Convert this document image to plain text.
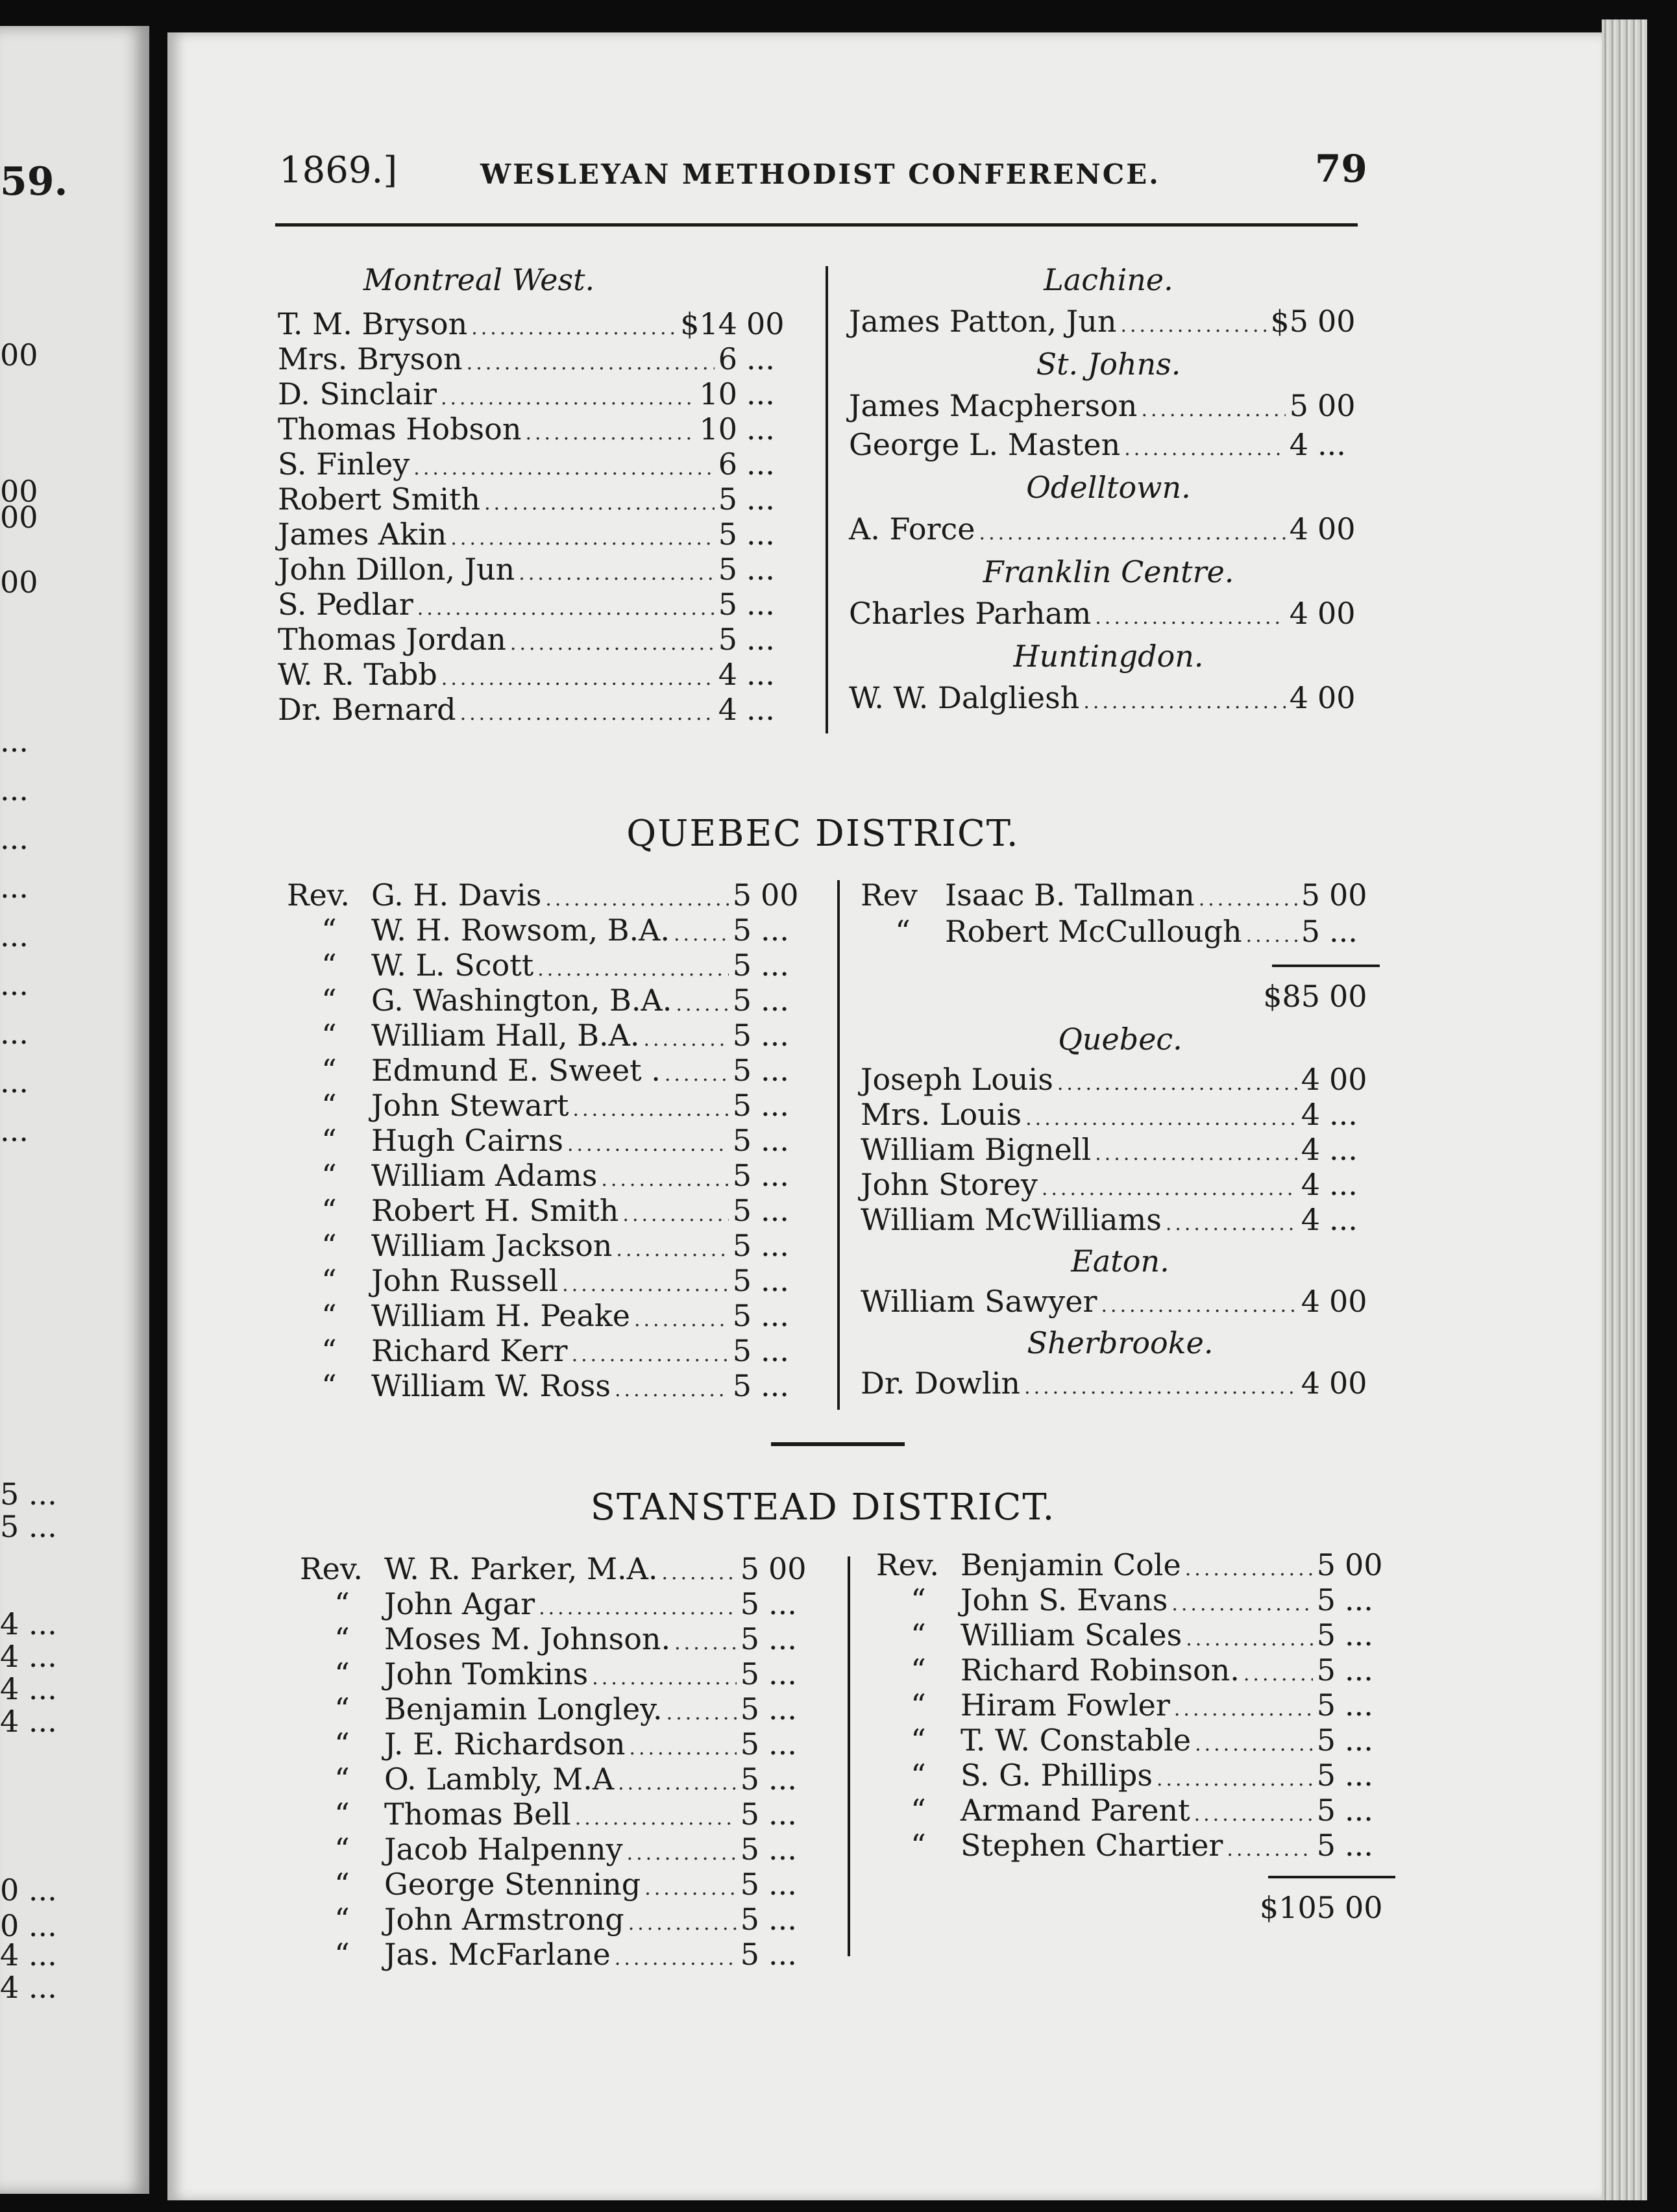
59.
00
00
00
00
...
...
...
...
...
...
...
...
...
5 ...
5 ...
4 ...
4 ...
4 ...
4 ...
0 ...
0 ...
4 ...
4 ...
1869.]	WESLEYAN METHODIST CONFERENCE.	79
Montreal West.
T. M. Bryson .....	$14 00
Mrs. Bryson .....	6 ...
D. Sinclair .....	10 ...
Thomas Hobson .....	10 ...
S. Finley .....	6 ...
Robert Smith .....	5 ...
James Akin .....	5 ...
John Dillon, Jun .....	5 ...
S. Pedlar .....	5 ...
Thomas Jordan .....	5 ...
W. R. Tabb .....	4 ...
Dr. Bernard .....	4 ...
Lachine.
James Patton, Jun .....	$5 00
St. Johns.
James Macpherson .....	5 00
George L. Masten .....	4 ...
Odelltown.
A. Force .....	4 00
Franklin Centre.
Charles Parham .....	4 00
Huntingdon.
W. W. Dalgliesh .....	4 00
QUEBEC DISTRICT.
Rev. G. H. Davis .....	5 00
“ W. H. Rowsom, B.A. ..... 5 ...
“ W. L. Scott .....	5 ...
“ G. Washington, B.A. ..... 5 ...
“ William Hall, B.A. .....	5 ...
“ Edmund E. Sweet . ..... 5 ...
“ John Stewart .....	5 ...
“ Hugh Cairns .....	5 ...
“ William Adams .....	5 ...
“ Robert H. Smith .....	5 ...
“ William Jackson .....	5 ...
“ John Russell .....	5 ...
“ William H. Peake .....	5 ...
“ Richard Kerr .....	5 ...
“ William W. Ross .....	5 ...
Rev Isaac B. Tallman .....	5 00
“ Robert McCullough ..... 5 ...
$85 00
Quebec.
Joseph Louis .....	4 00
Mrs. Louis .....	4 ...
William Bignell .....	4 ...
John Storey .....	4 ...
William McWilliams .....	4 ...
Eaton.
William Sawyer .....	4 00
Sherbrooke.
Dr. Dowlin .....	4 00
STANSTEAD DISTRICT.
Rev. W. R. Parker, M.A. .....	5 00
“ John Agar .....	5 ...
“ Moses M. Johnson. ..... 5 ...
“ John Tomkins .....	5 ...
“ Benjamin Longley. .....	5 ...
“ J. E. Richardson .....	5 ...
“ O. Lambly, M.A .....	5 ...
“ Thomas Bell .....	5 ...
“ Jacob Halpenny .....	5 ...
“ George Stenning .....	5 ...
“ John Armstrong .....	5 ...
“ Jas. McFarlane .....	5 ...
Rev. Benjamin Cole .....	5 00
“ John S. Evans .....	5 ...
“ William Scales .....	5 ...
“ Richard Robinson. .....	5 ...
“ Hiram Fowler .....	5 ...
“ T. W. Constable .....	5 ...
“ S. G. Phillips .....	5 ...
“ Armand Parent .....	5 ...
“ Stephen Chartier .....	5 ...
$105 00
